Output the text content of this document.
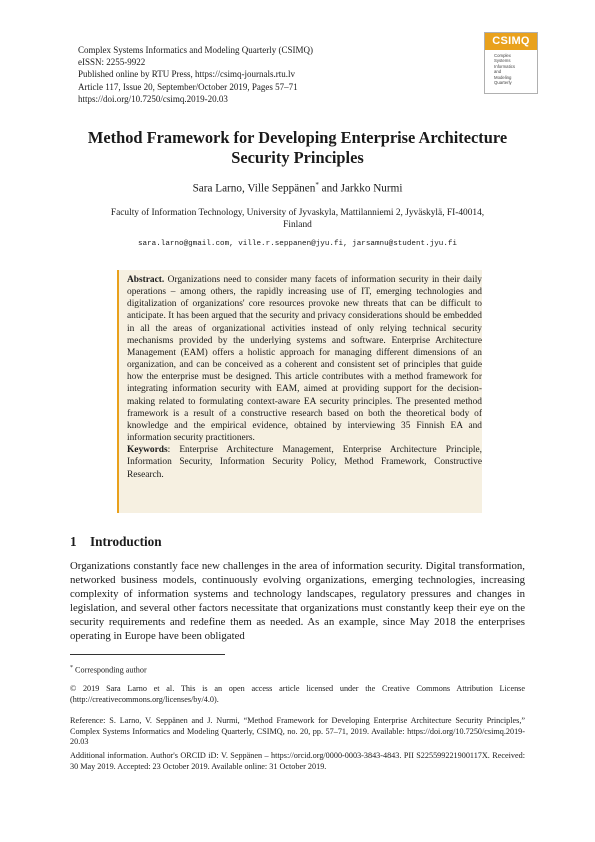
Complex Systems Informatics and Modeling Quarterly (CSIMQ)
eISSN: 2255-9922
Published online by RTU Press, https://csimq-journals.rtu.lv
Article 117, Issue 20, September/October 2019, Pages 57–71
https://doi.org/10.7250/csimq.2019-20.03
CSIMQ
Complex
Systems
Informatics
and
Modeling
Quarterly
Method Framework for Developing Enterprise Architecture Security Principles
Sara Larno, Ville Seppänen* and Jarkko Nurmi
Faculty of Information Technology, University of Jyvaskyla, Mattilanniemi 2, Jyväskylä, FI-40014, Finland
sara.larno@gmail.com, ville.r.seppanen@jyu.fi, jarsamnu@student.jyu.fi
Abstract. Organizations need to consider many facets of information security in their daily operations – among others, the rapidly increasing use of IT, emerging technologies and digitalization of organizations' core resources provoke new threats that can be difficult to anticipate. It has been argued that the security and privacy considerations should be embedded in all the areas of organizational activities instead of only relying technical security mechanisms provided by the underlying systems and software. Enterprise Architecture Management (EAM) offers a holistic approach for managing different dimensions of an organization, and can be conceived as a coherent and consistent set of principles that guide how the enterprise must be designed. This article contributes with a method framework for integrating information security with EAM, aimed at providing support for the decision-making related to formulating context-aware EA security principles. The presented method framework is a result of a constructive research based on both the theoretical body of knowledge and the empirical evidence, obtained by interviewing 35 Finnish EA and information security practitioners.
Keywords: Enterprise Architecture Management, Enterprise Architecture Principle, Information Security, Information Security Policy, Method Framework, Constructive Research.
1 Introduction
Organizations constantly face new challenges in the area of information security. Digital transformation, networked business models, continuously evolving organizations, emerging technologies, increasing complexity of information systems and technology landscapes, regulatory pressures and changes in legislation, and several other factors necessitate that organizations must constantly keep their eye on the security requirements and redefine them as needed. As an example, since May 2018 the enterprises operating in Europe have been obligated
* Corresponding author
© 2019 Sara Larno et al. This is an open access article licensed under the Creative Commons Attribution License (http://creativecommons.org/licenses/by/4.0).
Reference: S. Larno, V. Seppänen and J. Nurmi, “Method Framework for Developing Enterprise Architecture Security Principles,” Complex Systems Informatics and Modeling Quarterly, CSIMQ, no. 20, pp. 57–71, 2019. Available: https://doi.org/10.7250/csimq.2019-20.03
Additional information. Author's ORCID iD: V. Seppänen – https://orcid.org/0000-0003-3843-4843. PII S225599221900117X. Received: 30 May 2019. Accepted: 23 October 2019. Available online: 31 October 2019.
